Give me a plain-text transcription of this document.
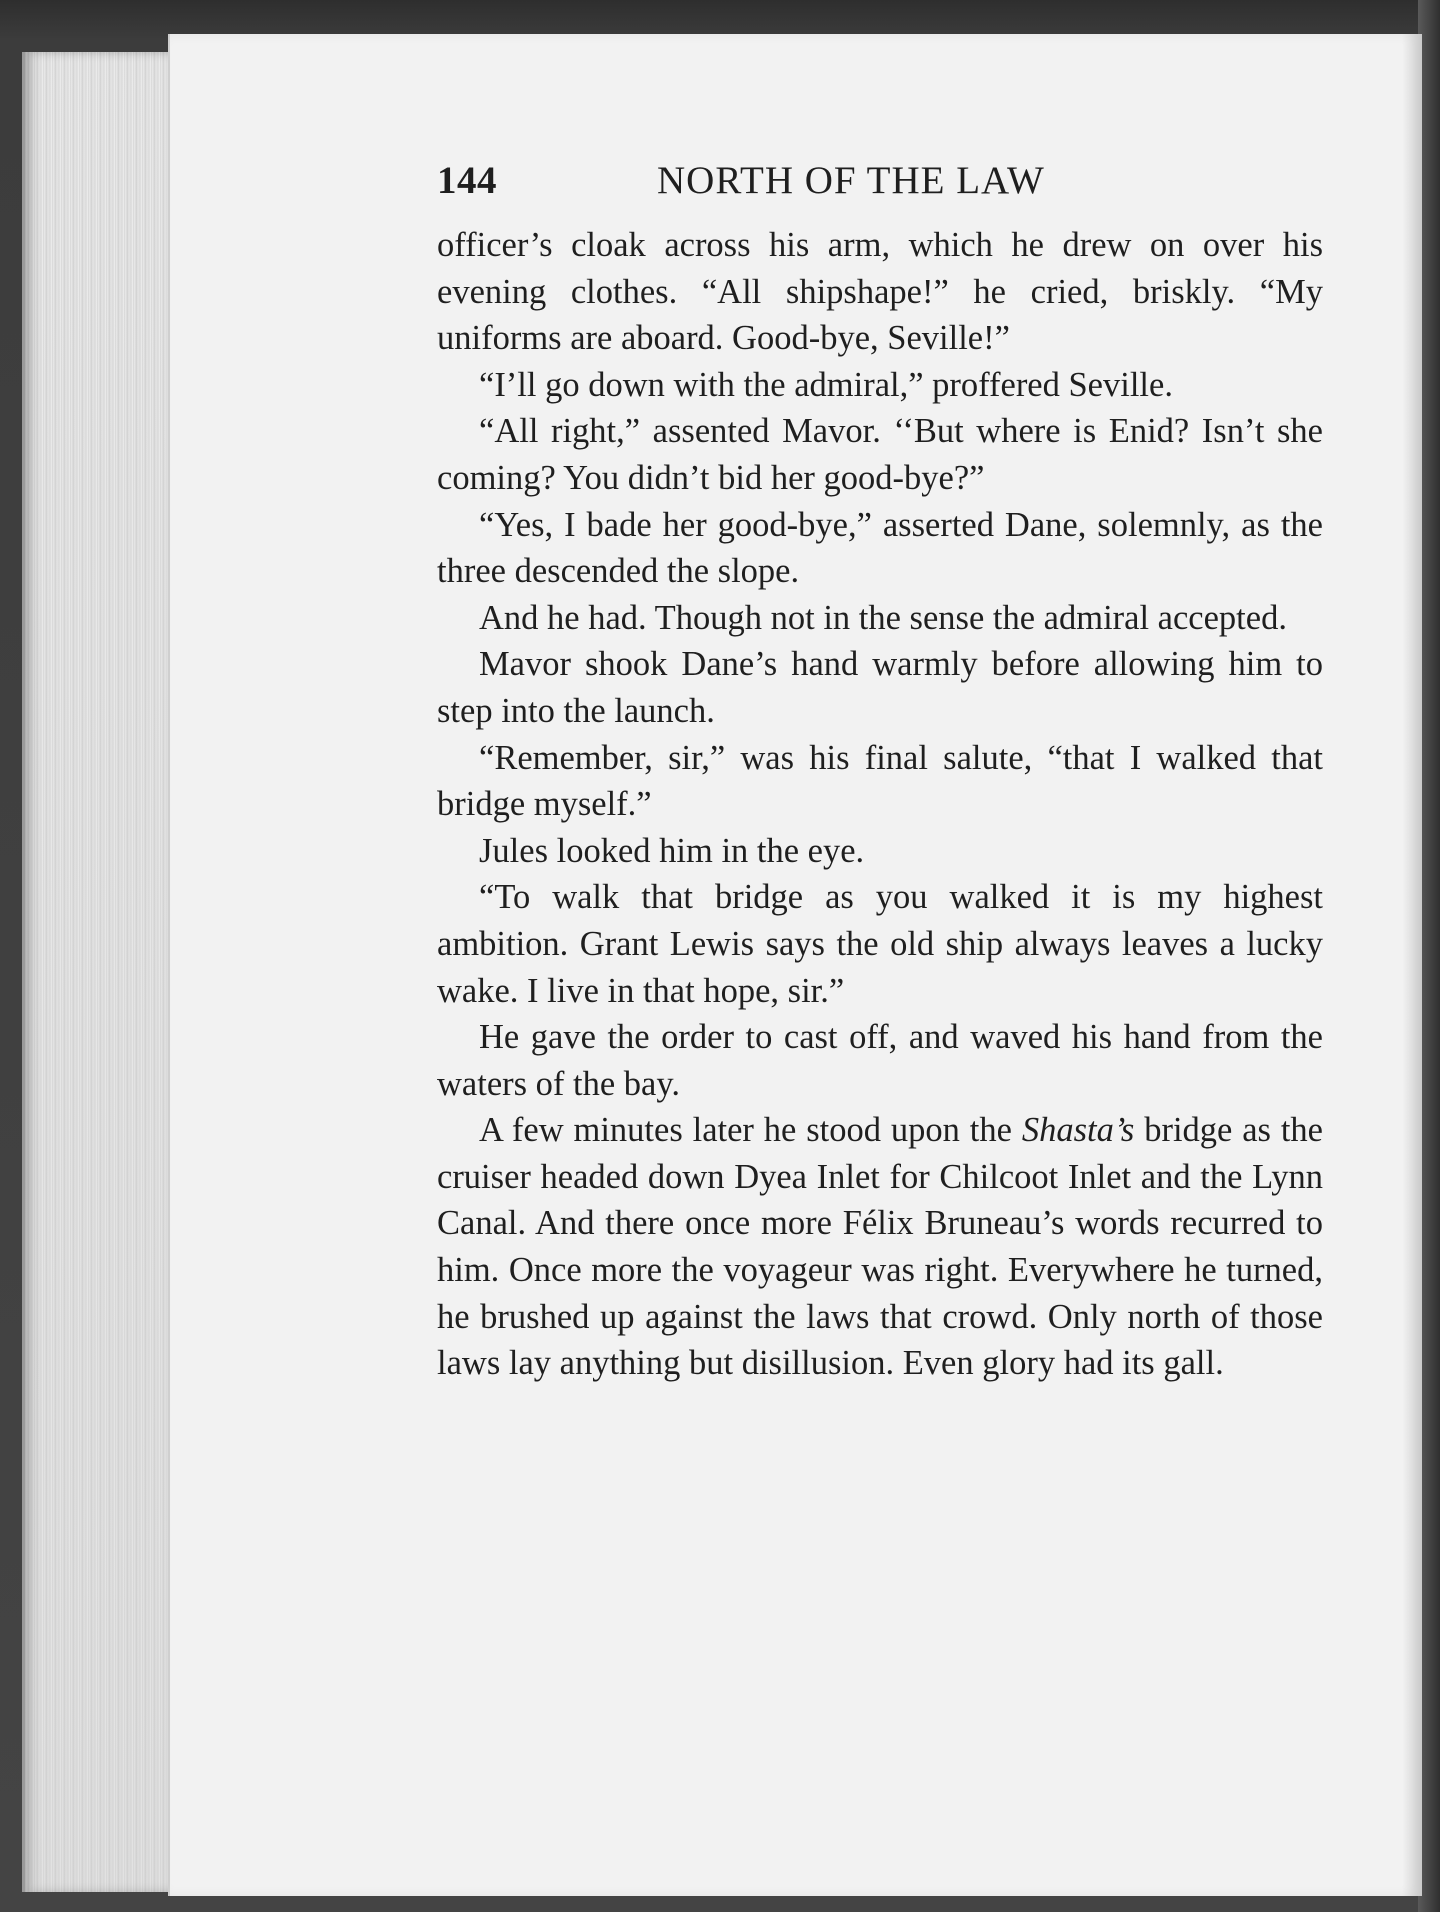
144	NORTH OF THE LAW

officer’s cloak across his arm, which he drew on over his evening clothes. “All shipshape!” he cried, briskly. “My uniforms are aboard. Good-bye, Seville!”

“I’ll go down with the admiral,” proffered Seville.

“All right,” assented Mavor. ‘‘But where is Enid? Isn’t she coming? You didn’t bid her good-bye?”

“Yes, I bade her good-bye,” asserted Dane, solemnly, as the three descended the slope.

And he had. Though not in the sense the admiral accepted.

Mavor shook Dane’s hand warmly before allowing him to step into the launch.

“Remember, sir,” was his final salute, “that I walked that bridge myself.”

Jules looked him in the eye.

“To walk that bridge as you walked it is my highest ambition. Grant Lewis says the old ship always leaves a lucky wake. I live in that hope, sir.”

He gave the order to cast off, and waved his hand from the waters of the bay.

A few minutes later he stood upon the Shasta’s bridge as the cruiser headed down Dyea Inlet for Chilcoot Inlet and the Lynn Canal. And there once more Félix Bruneau’s words recurred to him. Once more the voyageur was right. Everywhere he turned, he brushed up against the laws that crowd. Only north of those laws lay anything but disillusion. Even glory had its gall.
